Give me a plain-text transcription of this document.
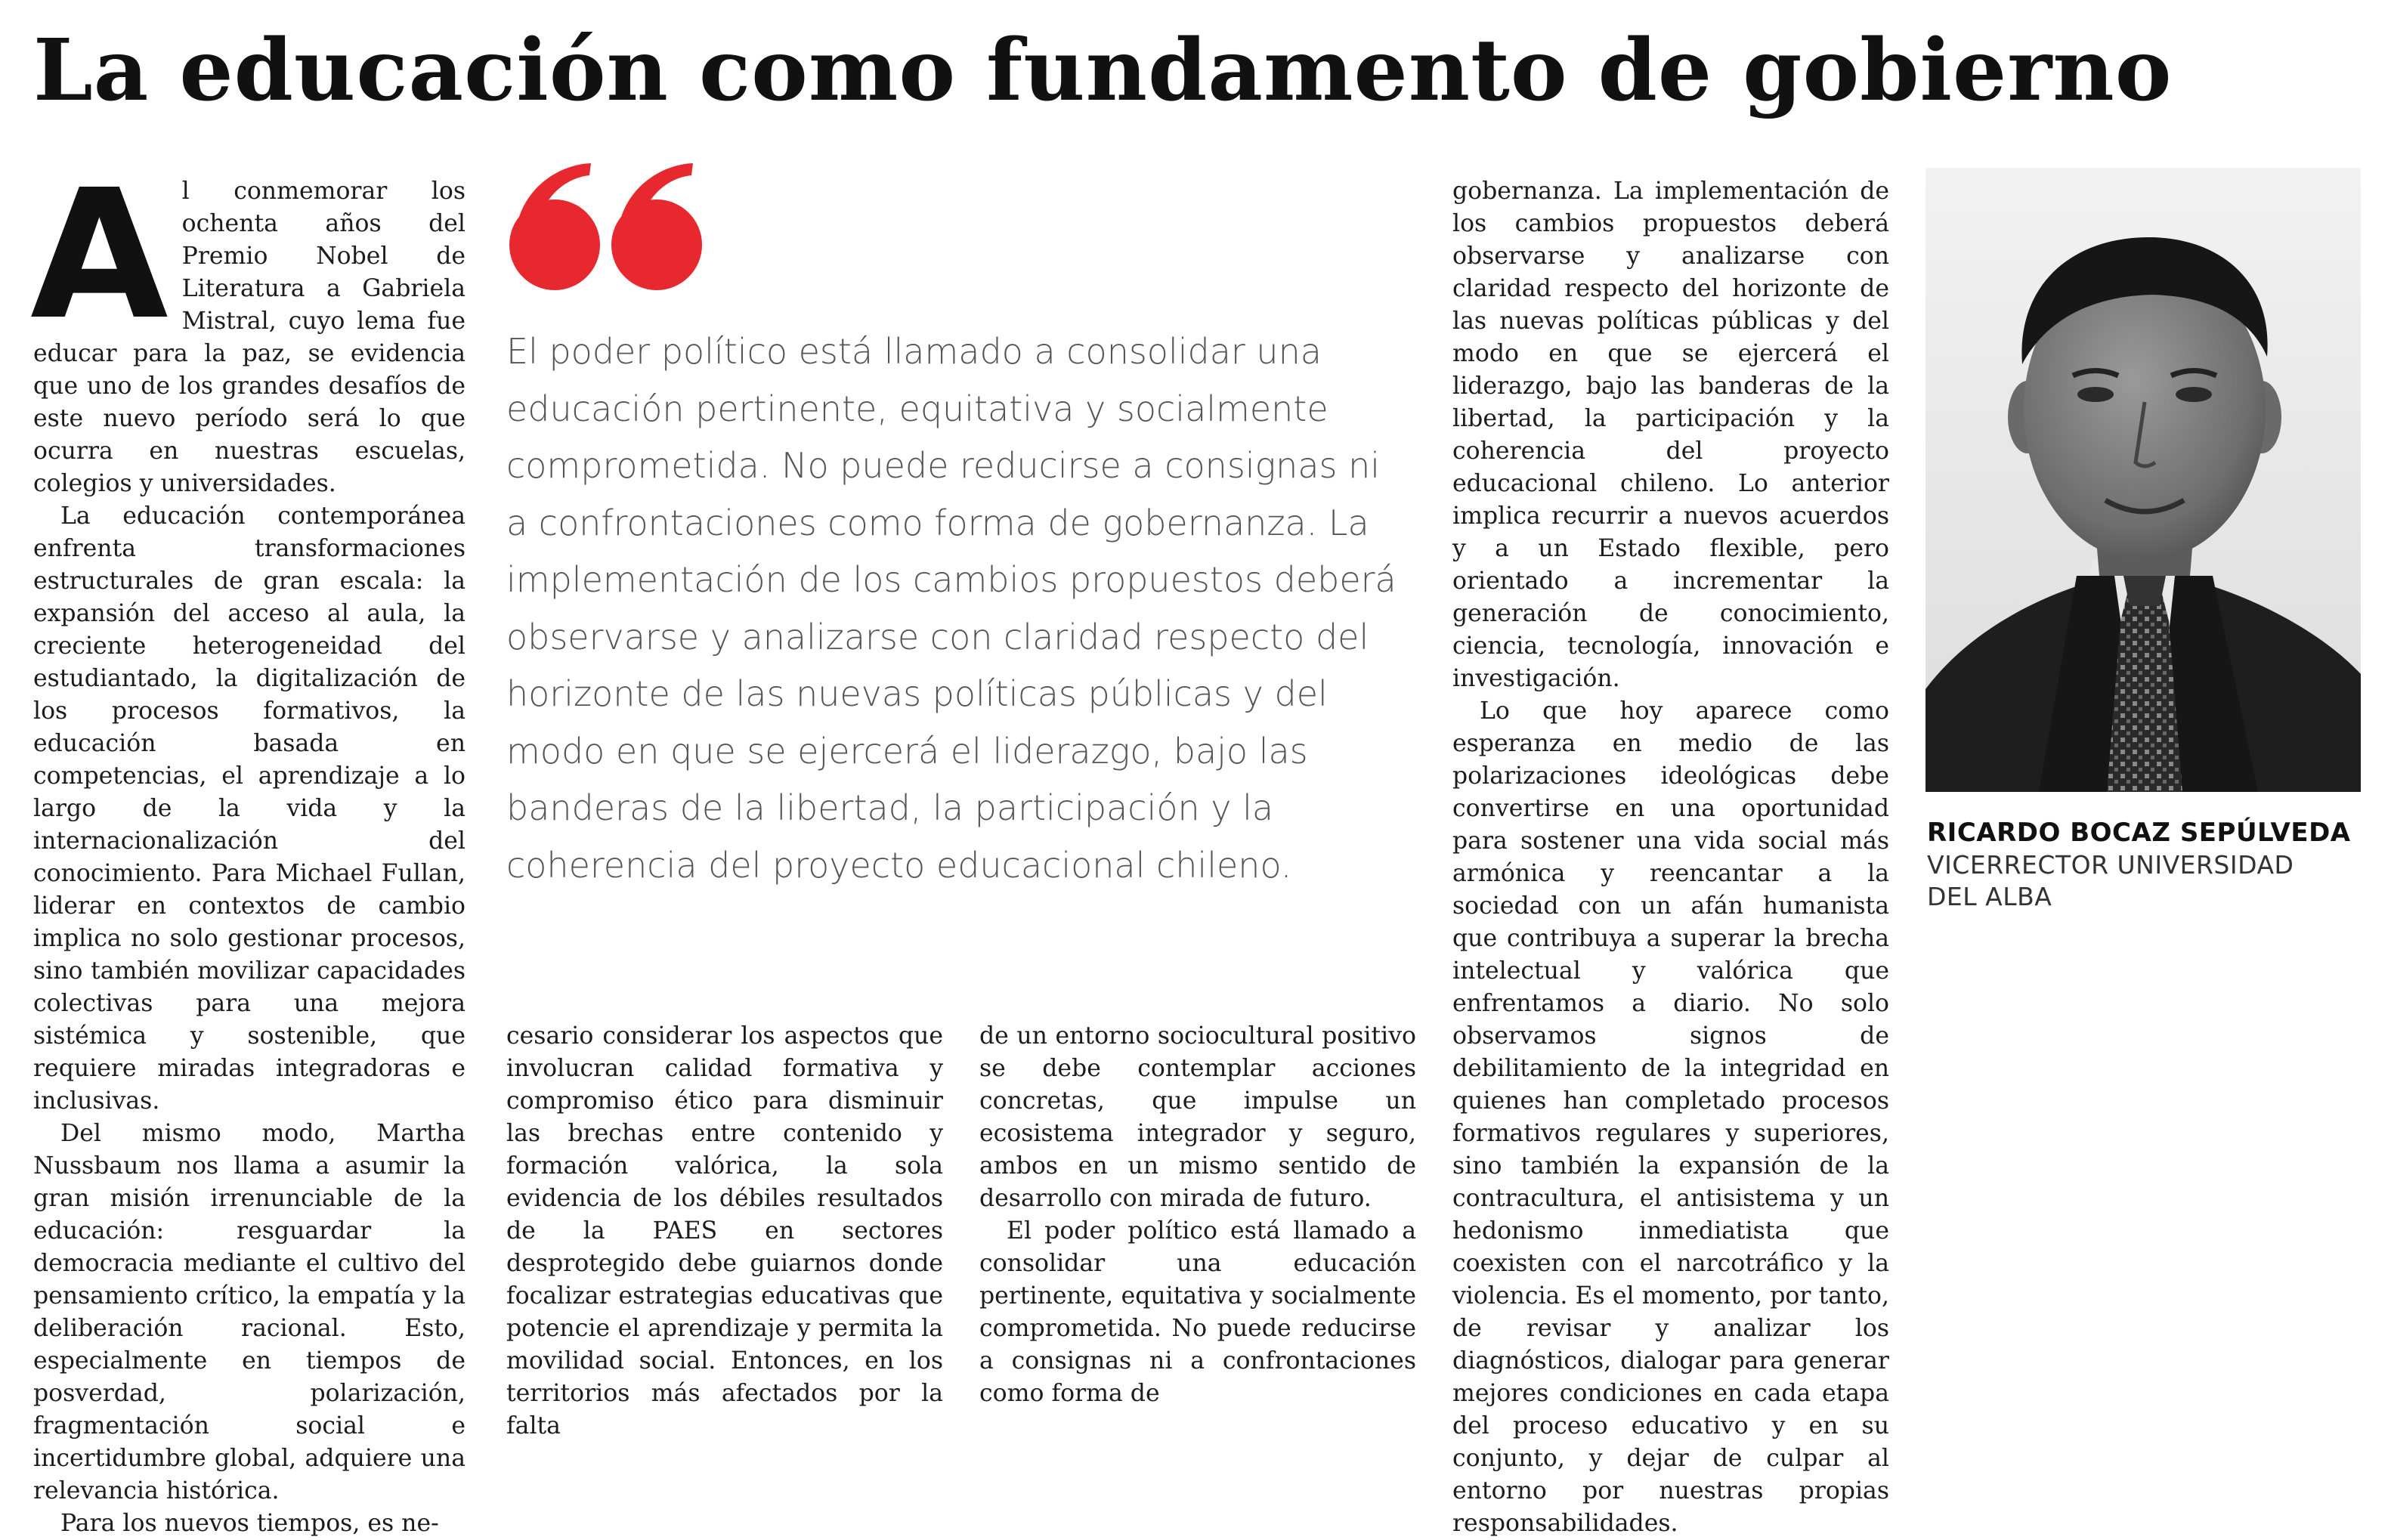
La educación como fundamento de gobierno

Al conmemorar los ochenta años del Premio Nobel de Literatura a Gabriela Mistral, cuyo lema fue educar para la paz, se evidencia que uno de los grandes desafíos de este nuevo período será lo que ocurra en nuestras escuelas, colegios y universidades.

La educación contemporánea enfrenta transformaciones estructurales de gran escala: la expansión del acceso al aula, la creciente heterogeneidad del estudiantado, la digitalización de los procesos formativos, la educación basada en competencias, el aprendizaje a lo largo de la vida y la internacionalización del conocimiento. Para Michael Fullan, liderar en contextos de cambio implica no solo gestionar procesos, sino también movilizar capacidades colectivas para una mejora sistémica y sostenible, que requiere miradas integradoras e inclusivas.

Del mismo modo, Martha Nussbaum nos llama a asumir la gran misión irrenunciable de la educación: resguardar la democracia mediante el cultivo del pensamiento crítico, la empatía y la deliberación racional. Esto, especialmente en tiempos de posverdad, polarización, fragmentación social e incertidumbre global, adquiere una relevancia histórica.

Para los nuevos tiempos, es ne-

El poder político está llamado a consolidar una educación pertinente, equitativa y socialmente comprometida. No puede reducirse a consignas ni a confrontaciones como forma de gobernanza. La implementación de los cambios propuestos deberá observarse y analizarse con claridad respecto del horizonte de las nuevas políticas públicas y del modo en que se ejercerá el liderazgo, bajo las banderas de la libertad, la participación y la coherencia del proyecto educacional chileno.

cesario considerar los aspectos que involucran calidad formativa y compromiso ético para disminuir las brechas entre contenido y formación valórica, la sola evidencia de los débiles resultados de la PAES en sectores desprotegido debe guiarnos donde focalizar estrategias educativas que potencie el aprendizaje y permita la movilidad social. Entonces, en los territorios más afectados por la falta

de un entorno sociocultural positivo se debe contemplar acciones concretas, que impulse un ecosistema integrador y seguro, ambos en un mismo sentido de desarrollo con mirada de futuro.

El poder político está llamado a consolidar una educación pertinente, equitativa y socialmente comprometida. No puede reducirse a consignas ni a confrontaciones como forma de

gobernanza. La implementación de los cambios propuestos deberá observarse y analizarse con claridad respecto del horizonte de las nuevas políticas públicas y del modo en que se ejercerá el liderazgo, bajo las banderas de la libertad, la participación y la coherencia del proyecto educacional chileno. Lo anterior implica recurrir a nuevos acuerdos y a un Estado flexible, pero orientado a incrementar la generación de conocimiento, ciencia, tecnología, innovación e investigación.

Lo que hoy aparece como esperanza en medio de las polarizaciones ideológicas debe convertirse en una oportunidad para sostener una vida social más armónica y reencantar a la sociedad con un afán humanista que contribuya a superar la brecha intelectual y valórica que enfrentamos a diario. No solo observamos signos de debilitamiento de la integridad en quienes han completado procesos formativos regulares y superiores, sino también la expansión de la contracultura, el antisistema y un hedonismo inmediatista que coexisten con el narcotráfico y la violencia. Es el momento, por tanto, de revisar y analizar los diagnósticos, dialogar para generar mejores condiciones en cada etapa del proceso educativo y en su conjunto, y dejar de culpar al entorno por nuestras propias responsabilidades.

RICARDO BOCAZ SEPÚLVEDA
VICERRECTOR UNIVERSIDAD DEL ALBA
